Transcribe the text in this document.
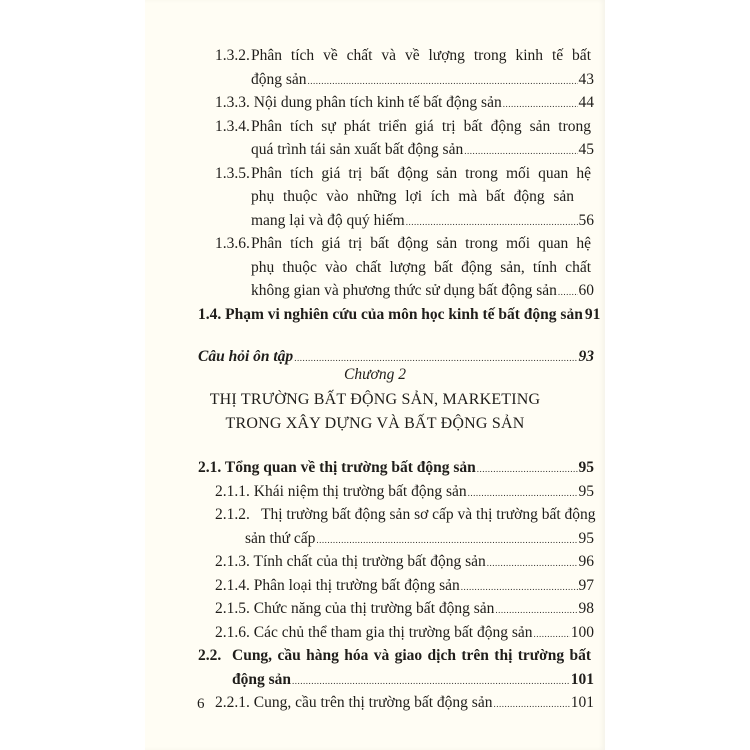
1.3.2. Phân tích về chất và về lượng trong kinh tế bất
động sản .....	43
1.3.3. Nội dung phân tích kinh tế bất động sản .....	44
1.3.4. Phân tích sự phát triển giá trị bất động sản trong
quá trình tái sản xuất bất động sản .....	45
1.3.5. Phân tích giá trị bất động sản trong mối quan hệ
phụ thuộc vào những lợi ích mà bất động sản
mang lại và độ quý hiếm .....	56
1.3.6. Phân tích giá trị bất động sản trong mối quan hệ
phụ thuộc vào chất lượng bất động sản, tính chất
không gian và phương thức sử dụng bất động sản ..... 60
1.4. Phạm vi nghiên cứu của môn học kinh tế bất động sản 91
Câu hỏi ôn tập .....	93
Chương 2
THỊ TRƯỜNG BẤT ĐỘNG SẢN, MARKETING
TRONG XÂY DỰNG VÀ BẤT ĐỘNG SẢN
2.1. Tổng quan về thị trường bất động sản .....	95
2.1.1. Khái niệm thị trường bất động sản .....	95
2.1.2. Thị trường bất động sản sơ cấp và thị trường bất động
sản thứ cấp .....	95
2.1.3. Tính chất của thị trường bất động sản .....	96
2.1.4. Phân loại thị trường bất động sản .....	97
2.1.5. Chức năng của thị trường bất động sản .....	98
2.1.6. Các chủ thể tham gia thị trường bất động sản ..... 100
2.2. Cung, cầu hàng hóa và giao dịch trên thị trường bất
động sản .....	101
2.2.1. Cung, cầu trên thị trường bất động sản .....	101
6
